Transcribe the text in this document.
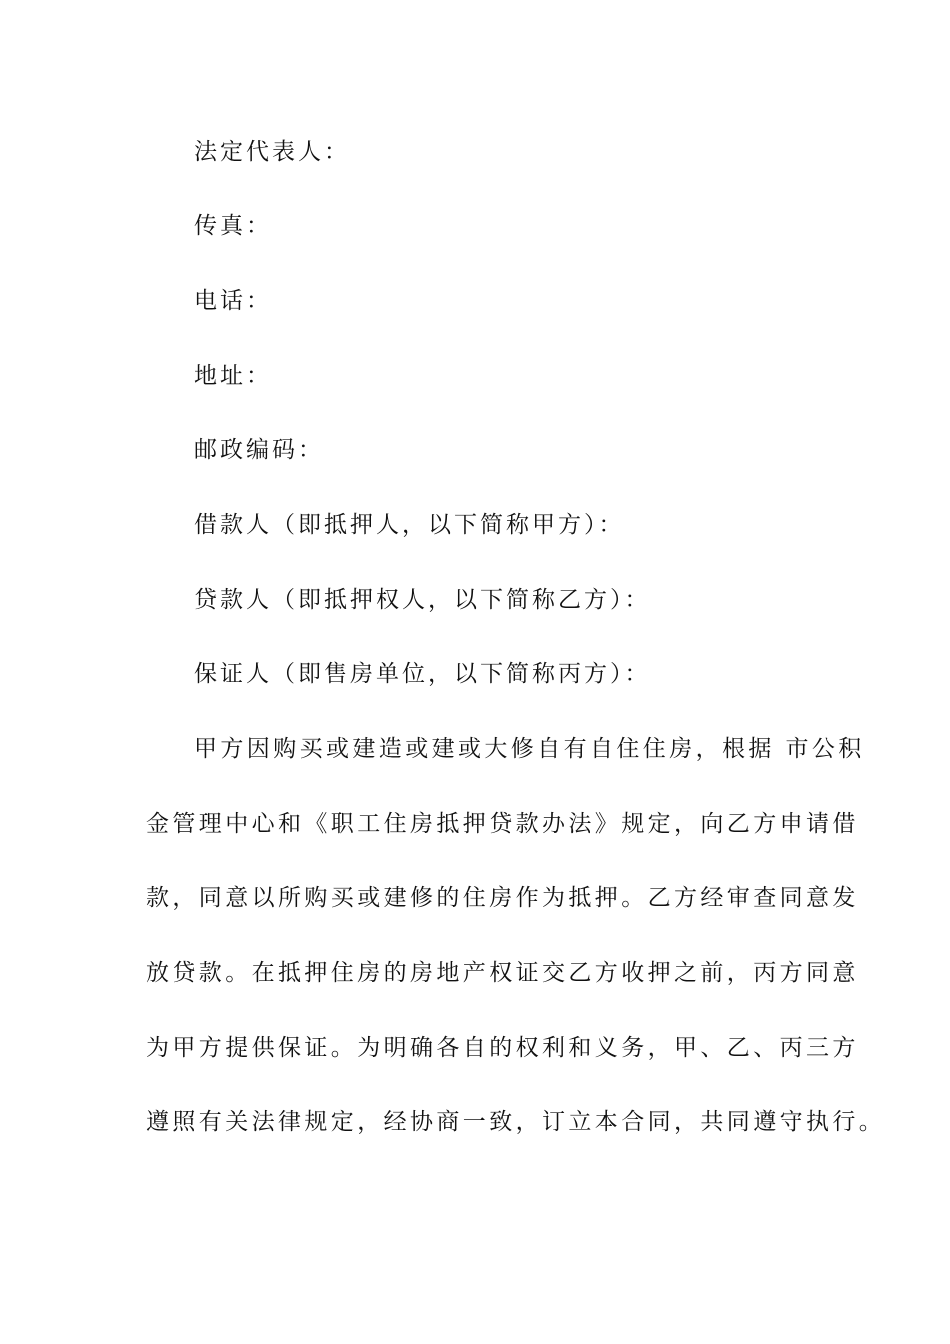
法定代表人：
传真：
电话：
地址：
邮政编码：
借款人（即抵押人，以下简称甲方）：
贷款人（即抵押权人，以下简称乙方）：
保证人（即售房单位，以下简称丙方）：
甲方因购买或建造或建或大修自有自住住房，根据 市公积
金管理中心和《职工住房抵押贷款办法》规定，向乙方申请借
款，同意以所购买或建修的住房作为抵押。乙方经审查同意发
放贷款。在抵押住房的房地产权证交乙方收押之前，丙方同意
为甲方提供保证。为明确各自的权利和义务，甲、乙、丙三方
遵照有关法律规定，经协商一致，订立本合同，共同遵守执行。
